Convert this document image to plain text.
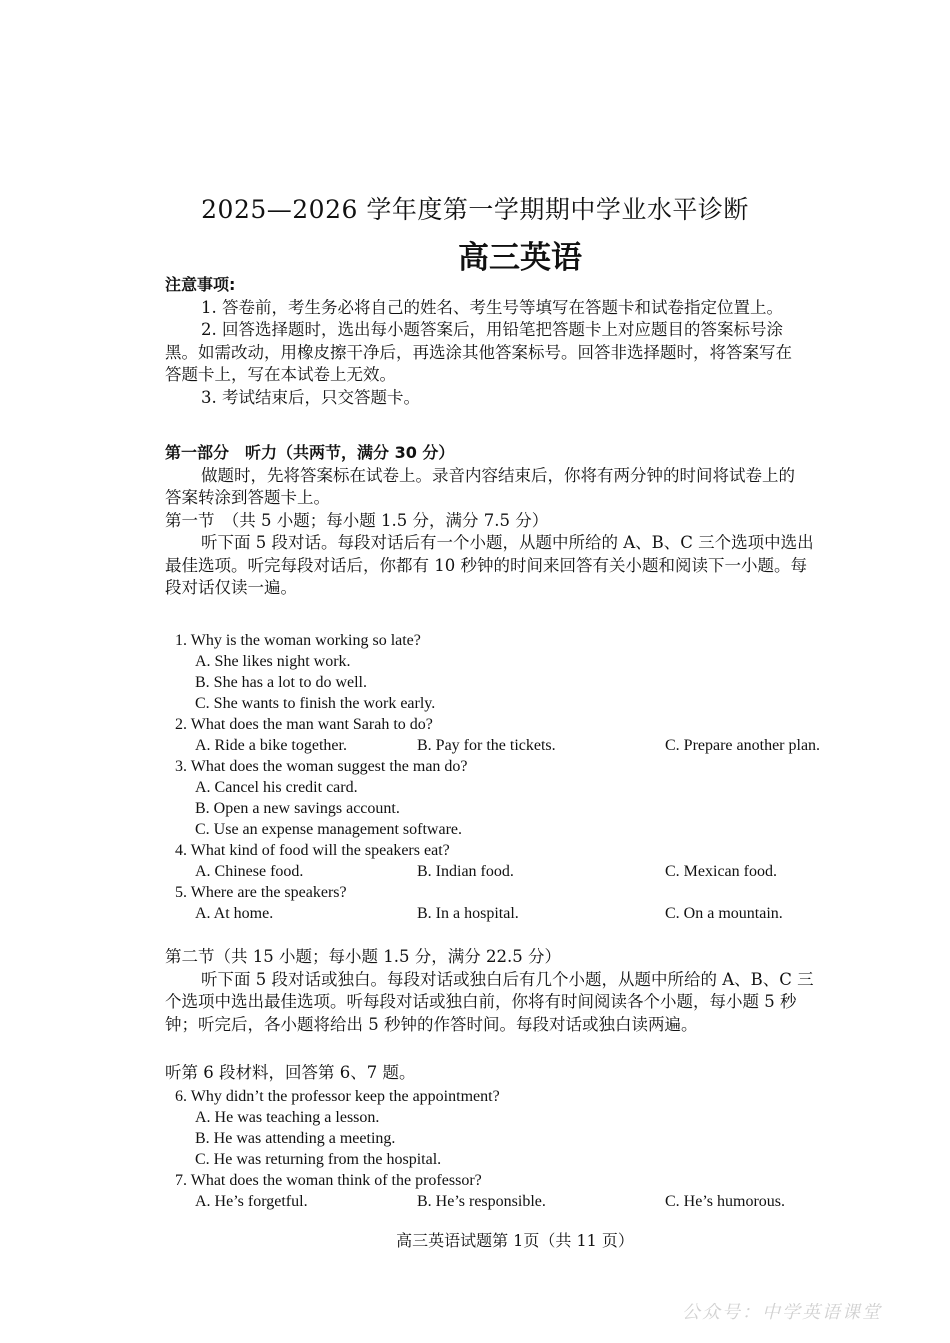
2025—2026 学年度第一学期期中学业水平诊断
高三英语
注意事项:
1. 答卷前，考生务必将自己的姓名、考生号等填写在答题卡和试卷指定位置上。
2. 回答选择题时，选出每小题答案后，用铅笔把答题卡上对应题目的答案标号涂
黑。如需改动，用橡皮擦干净后，再选涂其他答案标号。回答非选择题时，将答案写在
答题卡上，写在本试卷上无效。
3. 考试结束后，只交答题卡。
第一部分　听力（共两节，满分 30 分）
做题时，先将答案标在试卷上。录音内容结束后，你将有两分钟的时间将试卷上的
答案转涂到答题卡上。
第一节　（共 5 小题；每小题 1.5 分，满分 7.5 分）
听下面 5 段对话。每段对话后有一个小题，从题中所给的 A、B、C 三个选项中选出
最佳选项。听完每段对话后，你都有 10 秒钟的时间来回答有关小题和阅读下一小题。每
段对话仅读一遍。
1. Why is the woman working so late?
A. She likes night work.
B. She has a lot to do well.
C. She wants to finish the work early.
2. What does the man want Sarah to do?
A. Ride a bike together.	B. Pay for the tickets.	C. Prepare another plan.
3. What does the woman suggest the man do?
A. Cancel his credit card.
B. Open a new savings account.
C. Use an expense management software.
4. What kind of food will the speakers eat?
A. Chinese food.	B. Indian food.	C. Mexican food.
5. Where are the speakers?
A. At home.	B. In a hospital.	C. On a mountain.
第二节（共 15 小题；每小题 1.5 分，满分 22.5 分）
听下面 5 段对话或独白。每段对话或独白后有几个小题，从题中所给的 A、B、C 三
个选项中选出最佳选项。听每段对话或独白前，你将有时间阅读各个小题，每小题 5 秒
钟；听完后，各小题将给出 5 秒钟的作答时间。每段对话或独白读两遍。
听第 6 段材料，回答第 6、7 题。
6. Why didn’t the professor keep the appointment?
A. He was teaching a lesson.
B. He was attending a meeting.
C. He was returning from the hospital.
7. What does the woman think of the professor?
A. He’s forgetful.	B. He’s responsible.	C. He’s humorous.
高三英语试题第 1页（共 11 页）
公众号：中学英语课堂
